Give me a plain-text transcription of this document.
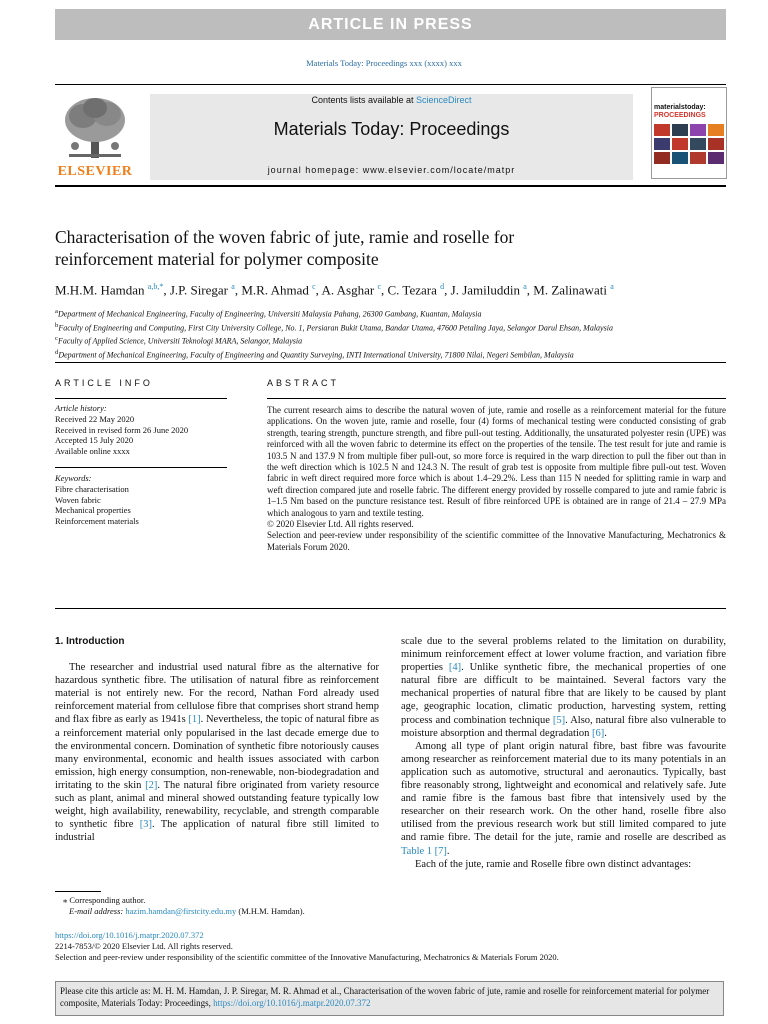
ARTICLE IN PRESS
Materials Today: Proceedings xxx (xxxx) xxx
ELSEVIER
Contents lists available at ScienceDirect
Materials Today: Proceedings
journal homepage: www.elsevier.com/locate/matpr
materialstoday:
PROCEEDINGS
Characterisation of the woven fabric of jute, ramie and roselle for
reinforcement material for polymer composite
M.H.M. Hamdan $^{a,b,*}$, J.P. Siregar $^a$, M.R. Ahmad $^c$, A. Asghar $^c$, C. Tezara $^d$, J. Jamiluddin $^a$, M. Zalinawati $^a$
$^a$Department of Mechanical Engineering, Faculty of Engineering, Universiti Malaysia Pahang, 26300 Gambang, Kuantan, Malaysia
$^b$Faculty of Engineering and Computing, First City University College, No. 1, Persiaran Bukit Utama, Bandar Utama, 47600 Petaling Jaya, Selangor Darul Ehsan, Malaysia
$^c$Faculty of Applied Science, Universiti Teknologi MARA, Selangor, Malaysia
$^d$Department of Mechanical Engineering, Faculty of Engineering and Quantity Surveying, INTI International University, 71800 Nilai, Negeri Sembilan, Malaysia
ARTICLE INFO
Article history:
Received 22 May 2020
Received in revised form 26 June 2020
Accepted 15 July 2020
Available online xxxx
Keywords:
Fibre characterisation
Woven fabric
Mechanical properties
Reinforcement materials
ABSTRACT
The current research aims to describe the natural woven of jute, ramie and roselle as a reinforcement material for the future applications. On the woven jute, ramie and roselle, four (4) forms of mechanical testing were conducted consisting of grab strength, tearing strength, puncture strength, and fibre pull-out testing. Additionally, the unsaturated polyester resin (UPE) was reinforced with all the woven fabric to determine its effect on the properties of the tensile. The test result for jute and ramie is 103.5 N and 137.9 N from multiple fiber pull-out, so more force is required in the warp direction to pull the fiber out than in the weft direction which is 102.5 N and 124.3 N. The result of grab test is opposite from multiple fibre pull-out test. Woven fabric in weft direct required more force which is about 1.4–29.2%. Less than 115 N needed for splitting ramie in warp and weft direction compared jute and roselle fabric. The different energy provided by rosselle compared to jute and ramie fabric is 1–1.5 Nm based on the puncture resistance test. Result of fibre reinforced UPE is obtained are in range of 21.4 – 27.9 MPa which analogous to yarn and textile testing.
© 2020 Elsevier Ltd. All rights reserved.
Selection and peer-review under responsibility of the scientific committee of the Innovative Manufacturing, Mechatronics & Materials Forum 2020.

1. Introduction

The researcher and industrial used natural fibre as the alternative for hazardous synthetic fibre. The utilisation of natural fibre as reinforcement material is not entirely new. For the record, Nathan Ford already used reinforcement material from cellulose fibre that comprises short strand hemp and flax fibre as early as 1941s [1]. Nevertheless, the topic of natural fibre as a reinforcement material only popularised in the last decade emerge due to the environmental concern. Domination of synthetic fibre notoriously causes many environmental, economic and health issues associated with carbon emission, high energy consumption, non-renewable, non-biodegradation and irritating to the skin [2]. The natural fibre originated from variety resource such as plant, animal and mineral showed outstanding feature typically low weight, high availability, renewability, recyclable, and strength comparable to synthetic fibre [3]. The application of natural fibre still limited to industrial

scale due to the several problems related to the limitation on durability, minimum reinforcement effect at lower volume fraction, and variation fibre properties [4]. Unlike synthetic fibre, the mechanical properties of one natural fibre are difficult to be maintained. Several factors vary the mechanical properties of natural fibre that are likely to be caused by plant age, geographic location, climatic production, harvesting system, retting process and combination technique [5]. Also, natural fibre also vulnerable to moisture absorption and thermal degradation [6].

Among all type of plant origin natural fibre, bast fibre was favourite among researcher as reinforcement material due to its many potentials in an application such as automotive, structural and aeronautics. Typically, bast fibre reasonably strong, lightweight and economical and relatively safe. Jute and ramie fibre is the famous bast fibre that intensively used by the researcher on their research work. On the other hand, roselle fibre also utilised from the previous research work but still limited compared to jute and ramie fibre. The detail for the jute, ramie and roselle are described as Table 1 [7].

Each of the jute, ramie and Roselle fibre own distinct advantages:

⁎ Corresponding author.
E-mail address: hazim.hamdan@firstcity.edu.my (M.H.M. Hamdan).
https://doi.org/10.1016/j.matpr.2020.07.372
2214-7853/© 2020 Elsevier Ltd. All rights reserved.
Selection and peer-review under responsibility of the scientific committee of the Innovative Manufacturing, Mechatronics & Materials Forum 2020.
Please cite this article as: M. H. M. Hamdan, J. P. Siregar, M. R. Ahmad et al., Characterisation of the woven fabric of jute, ramie and roselle for reinforcement material for polymer composite, Materials Today: Proceedings, https://doi.org/10.1016/j.matpr.2020.07.372
